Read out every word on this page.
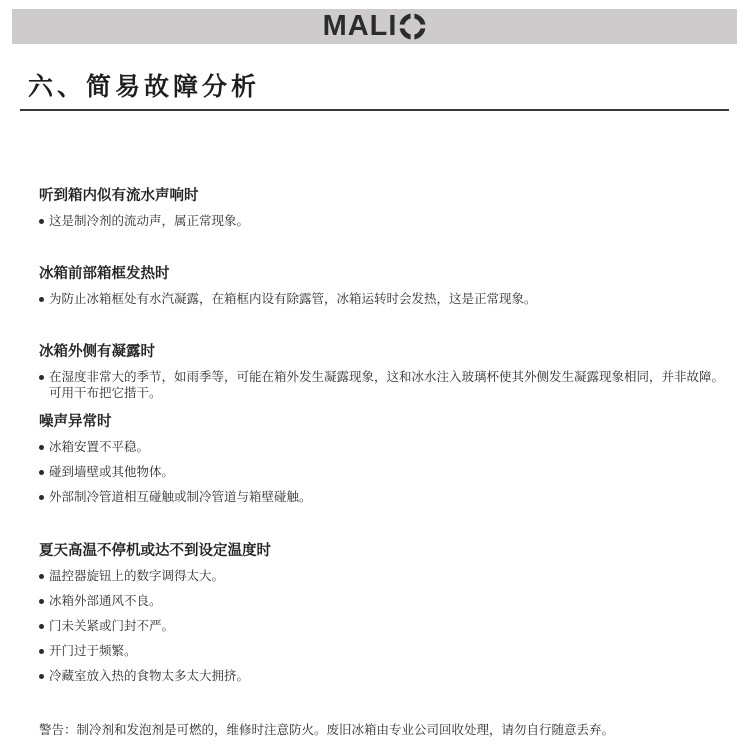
MALI
六、简易故障分析

听到箱内似有流水声响时

这是制冷剂的流动声，属正常现象。

冰箱前部箱框发热时

为防止冰箱框处有水汽凝露，在箱框内设有除露管，冰箱运转时会发热，这是正常现象。

冰箱外侧有凝露时

在湿度非常大的季节，如雨季等，可能在箱外发生凝露现象，这和冰水注入玻璃杯使其外侧发生凝露现象相同，并非故障。可用干布把它揩干。

噪声异常时

冰箱安置不平稳。
碰到墙壁或其他物体。
外部制冷管道相互碰触或制冷管道与箱壁碰触。

夏天高温不停机或达不到设定温度时

温控器旋钮上的数字调得太大。
冰箱外部通风不良。
门未关紧或门封不严。
开门过于频繁。
冷藏室放入热的食物太多太大拥挤。

警告：制冷剂和发泡剂是可燃的，维修时注意防火。废旧冰箱由专业公司回收处理，请勿自行随意丢弃。
